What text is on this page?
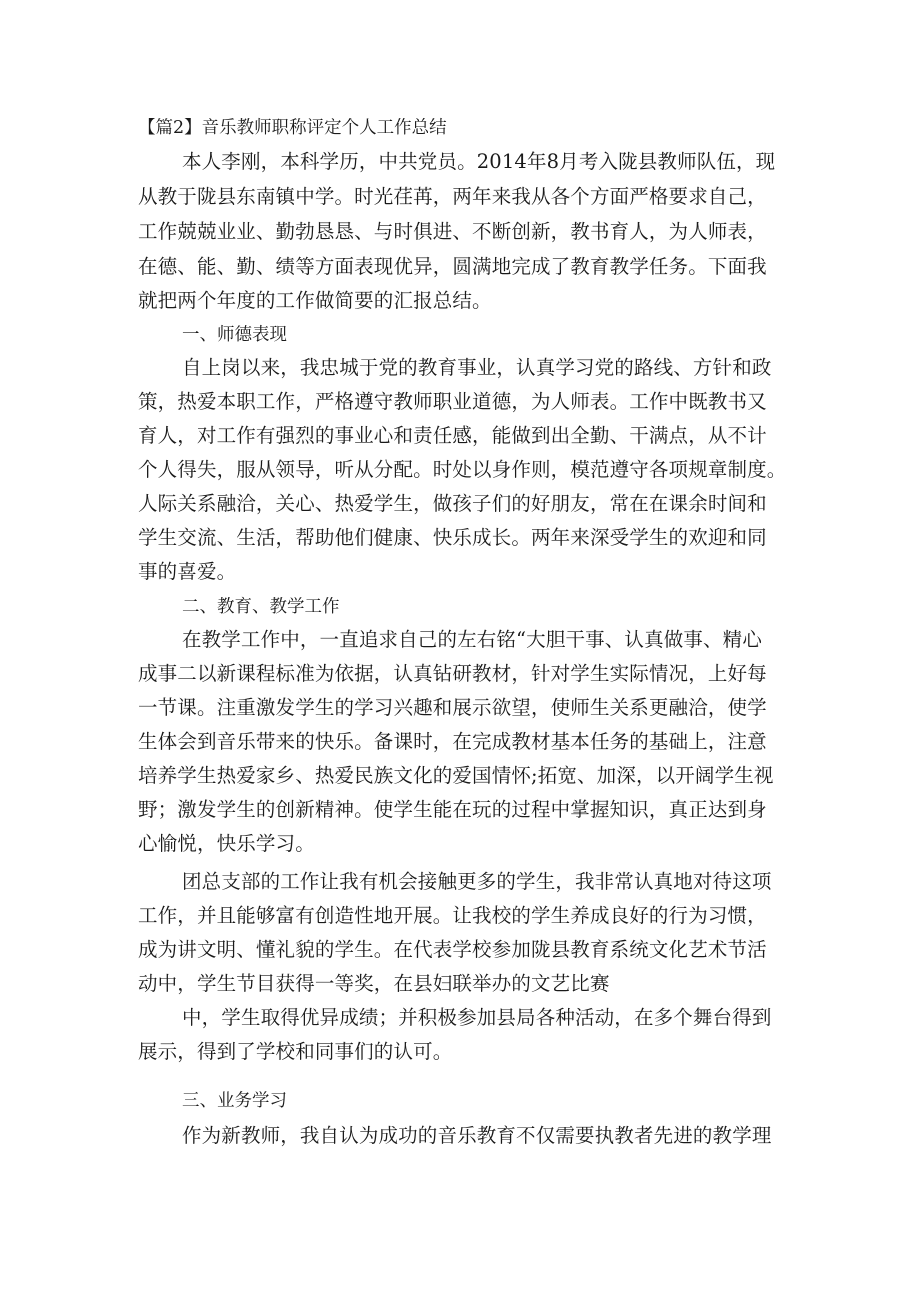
【篇2】音乐教师职称评定个人工作总结
本人李刚，本科学历，中共党员。2014年8月考入陇县教师队伍，现
从教于陇县东南镇中学。时光荏苒，两年来我从各个方面严格要求自己，
工作兢兢业业、勤勃恳恳、与时俱进、不断创新，教书育人，为人师表，
在德、能、勤、绩等方面表现优异，圆满地完成了教育教学任务。下面我
就把两个年度的工作做简要的汇报总结。
一、师德表现
自上岗以来，我忠城于党的教育事业，认真学习党的路线、方针和政
策，热爱本职工作，严格遵守教师职业道德，为人师表。工作中既教书又
育人，对工作有强烈的事业心和责任感，能做到出全勤、干满点，从不计
个人得失，服从领导，听从分配。时处以身作则，模范遵守各项规章制度。
人际关系融洽，关心、热爱学生，做孩子们的好朋友，常在在课余时间和
学生交流、生活，帮助他们健康、快乐成长。两年来深受学生的欢迎和同
事的喜爱。
二、教育、教学工作
在教学工作中，一直追求自己的左右铭“大胆干事、认真做事、精心
成事二以新课程标准为依据，认真钻研教材，针对学生实际情况，上好每
一节课。注重激发学生的学习兴趣和展示欲望，使师生关系更融洽，使学
生体会到音乐带来的快乐。备课时，在完成教材基本任务的基础上，注意
培养学生热爱家乡、热爱民族文化的爱国情怀;拓宽、加深，以开阔学生视
野；激发学生的创新精神。使学生能在玩的过程中掌握知识，真正达到身
心愉悦，快乐学习。
团总支部的工作让我有机会接触更多的学生，我非常认真地对待这项
工作，并且能够富有创造性地开展。让我校的学生养成良好的行为习惯，
成为讲文明、懂礼貌的学生。在代表学校参加陇县教育系统文化艺术节活
动中，学生节目获得一等奖，在县妇联举办的文艺比赛
中，学生取得优异成绩；并积极参加县局各种活动，在多个舞台得到
展示，得到了学校和同事们的认可。
三、业务学习
作为新教师，我自认为成功的音乐教育不仅需要执教者先进的教学理
